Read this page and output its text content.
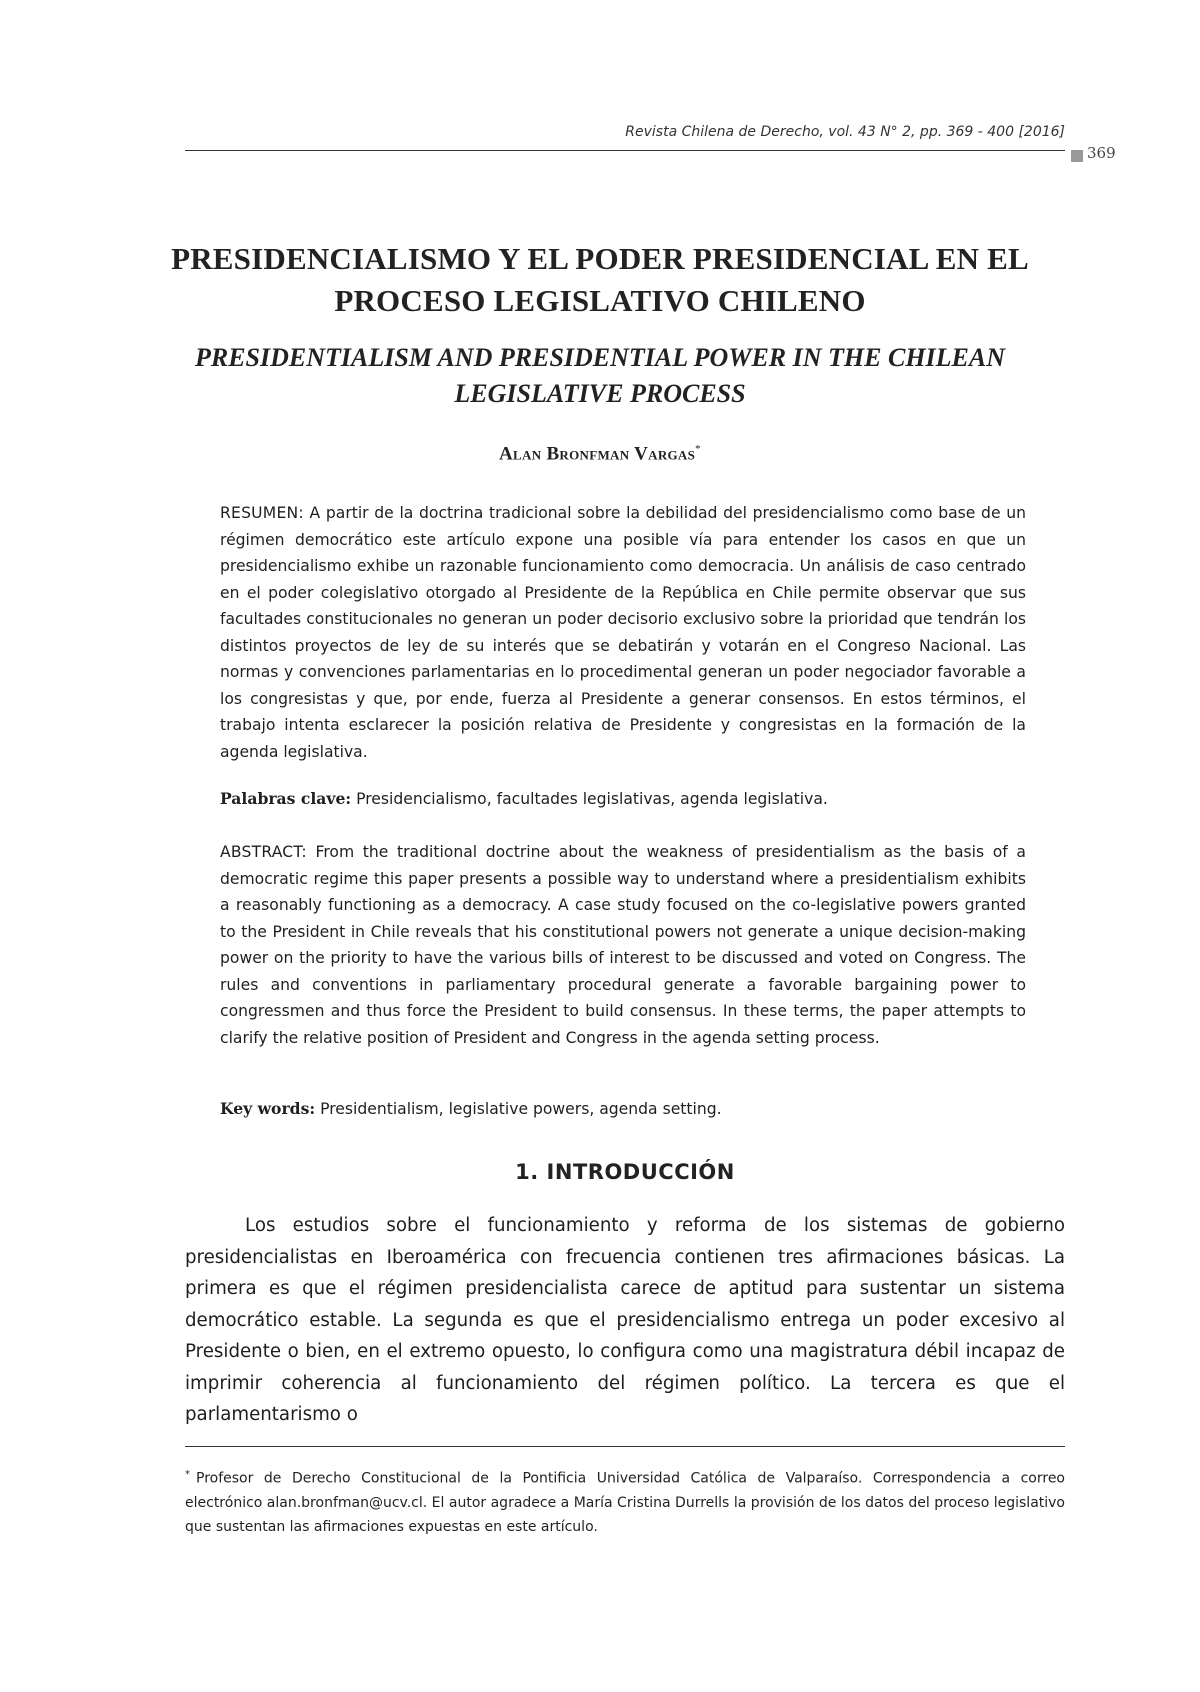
Revista Chilena de Derecho, vol. 43 N° 2, pp. 369 - 400 [2016]
369
PRESIDENCIALISMO Y EL PODER PRESIDENCIAL EN EL PROCESO LEGISLATIVO CHILENO
PRESIDENTIALISM AND PRESIDENTIAL POWER IN THE CHILEAN LEGISLATIVE PROCESS
Alan Bronfman Vargas*

RESUMEN: A partir de la doctrina tradicional sobre la debilidad del presidencialismo como base de un régimen democrático este artículo expone una posible vía para entender los casos en que un presidencialismo exhibe un razonable funcionamiento como democracia. Un análisis de caso centrado en el poder colegislativo otorgado al Presidente de la República en Chile permite observar que sus facultades constitucionales no generan un poder decisorio exclusivo sobre la prioridad que tendrán los distintos proyectos de ley de su interés que se debatirán y votarán en el Congreso Nacional. Las normas y convenciones parlamentarias en lo procedimental generan un poder negociador favorable a los congresistas y que, por ende, fuerza al Presidente a generar consensos. En estos términos, el trabajo intenta esclarecer la posición relativa de Presidente y congresistas en la formación de la agenda legislativa.

Palabras clave: Presidencialismo, facultades legislativas, agenda legislativa.

ABSTRACT: From the traditional doctrine about the weakness of presidentialism as the basis of a democratic regime this paper presents a possible way to understand where a presidentialism exhibits a reasonably functioning as a democracy. A case study focused on the co-legislative powers granted to the President in Chile reveals that his constitutional powers not generate a unique decision-making power on the priority to have the various bills of interest to be discussed and voted on Congress. The rules and conventions in parliamentary procedural generate a favorable bargaining power to congressmen and thus force the President to build consensus. In these terms, the paper attempts to clarify the relative position of President and Congress in the agenda setting process.

Key words: Presidentialism, legislative powers, agenda setting.

1. INTRODUCCIÓN

Los estudios sobre el funcionamiento y reforma de los sistemas de gobierno presidencialistas en Iberoamérica con frecuencia contienen tres afirmaciones básicas. La primera es que el régimen presidencialista carece de aptitud para sustentar un sistema democrático estable. La segunda es que el presidencialismo entrega un poder excesivo al Presidente o bien, en el extremo opuesto, lo configura como una magistratura débil incapaz de imprimir coherencia al funcionamiento del régimen político. La tercera es que el parlamentarismo o

* Profesor de Derecho Constitucional de la Pontificia Universidad Católica de Valparaíso. Correspondencia a correo electrónico alan.bronfman@ucv.cl. El autor agradece a María Cristina Durrells la provisión de los datos del proceso legislativo que sustentan las afirmaciones expuestas en este artículo.
